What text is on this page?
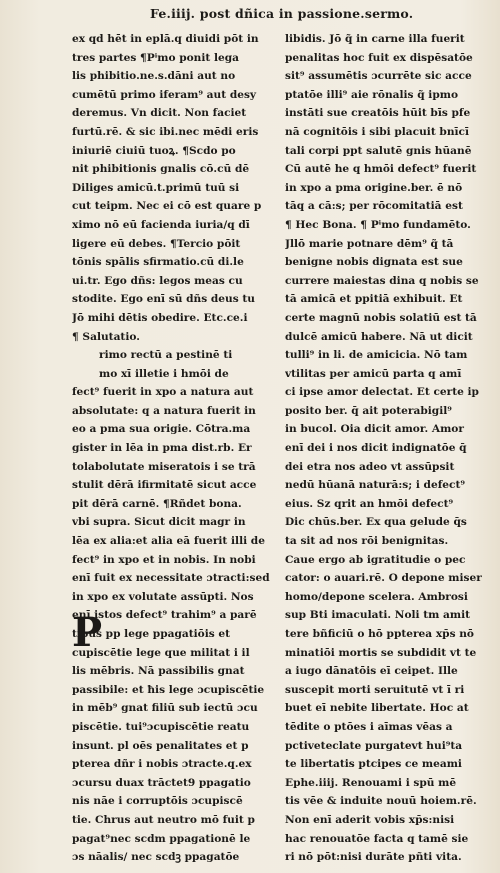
Fe.iiij. post dñica in passione.sermo.
ex qd hēt in eplā.q diuidi pōt in
tres partes ¶Pⁱmo ponit lega
lis phibitio.ne.s.dāni aut no
cumētū primo iferam⁹ aut desy
deremus. Vn dicit. Non faciet
furtū.rē. & sic ibi.nec mēdi eris
iniuriē ciuiū tuoꝝ. ¶Scdo po
nit phibitionis gnalis cō.cū dē
Diliges amicū.t.primū tuū si
cut teipm. Nec ei cō est quare p
ximo nō eū facienda iuria/q dī
ligere eū debes. ¶Tercio pōit
tōnis spālis sfirmatio.cū di.le
ui.tr. Ego dñs: legos meas cu
stodite. Ego enī sū dñs deus tu
Jō mihi dētis obedire. Etc.ce.i
¶ Salutatio.
rimo rectū a pestinē ti
mo xī illetie i hmōi de
fect⁹ fuerit in xpo a natura aut
absolutate: q a natura fuerit in
eo a pma sua origie. Cōtra.ma
gister in lēa in pma dist.rb. Er
tolabolutate miseratois i se trā
stulit dērā ifirmitatē sicut acce
pit dērā carnē. ¶Rñdet bona.
vbi supra. Sicut dicit magr in
lēa ex alia:et alia eā fuerit illi de
fect⁹ in xpo et in nobis. In nobi
enī fuit ex necessitate ɔtracti:sed
in xpo ex volutate assūpti. Nos
enī istos defect⁹ trahim⁹ a parē
tibus pp lege ppagatiōis et
cupiscētie lege que militat i il
lis mēbris. Nā passibilis gnat
passibile: et ħis lege ɔcupiscētie
in mēb⁹ gnat filiū sub iectū ɔcu
piscētie. tui⁹ɔcupiscētie reatu
insunt. pl oēs penalitates et p
pterea dñr i nobis ɔtracte.q.ex
ɔcursu duax trāctet9 ppagatio
nis nāe i corruptōis ɔcupiscē
tie. Chrus aut neutro mō fuit p
pagat⁹nec scdm ppagationē le
ɔs nāalis/ nec scdꝫ ppagatōe
libidis. Jō q̃ in carne illa fuerit
penalitas hoc fuit ex dispēsatōe
sit⁹ assumētis ɔcurrēte sic acce
ptatōe illi⁹ aie rōnalis q̃ ipmo
instāti sue creatōis hūit bīs pfe
nā cognitōis i sibi placuit bnīcī
tali corpi ppt salutē gnis hūanē
Cū autē he q hmōi defect⁹ fuerit
in xpo a pma origine.ber. ē nō
tāq a cā:s; per rōcomitatiā est
¶ Hec Bona. ¶ Pⁱmo fundamēto.
Jllō marie potnare dēm⁹ q̃ tā
benigne nobis dignata est sue
currere maiestas dina q nobis se
tā amicā et ppitiā exhibuit. Et
certe magnū nobis solatiū est tā
dulcē amicū habere. Nā ut dicit
tulli⁹ in li. de amicicia. Nō tam
vtilitas per amicū parta q amī
ci ipse amor delectat. Et certe ip
posito ber. q̄ ait poterabigil⁹
in bucol. Oia dicit amor. Amor
enī dei i nos dicit indignatōe q̄
dei etra nos adeo vt assūpsit
nedū hūanā naturā:s; i defect⁹
eius. Sz qrit an hmōi defect⁹
Dic chūs.ber. Ex qua gelude q̄s
ta sit ad nos rōi benignitas.
Caue ergo ab igratitudie o pec
cator: o auari.rē. O depone miser
homo/depone scelera. Ambrosi
sup Bti imaculati. Noli tm amit
tere bñficiū o hō ppterea xp̄s nō
minatiōi mortis se subdidit vt te
a iugo dānatōis eī ceipet. Ille
suscepit morti seruitutē vt ī ri
buet eī nebite libertate. Hoc at
tēdite o ptōes i aīmas vēas a
pctiveteclate purgatevt hui⁹ta
te libertatis ptcipes ce meami
Ephe.iiij. Renouami i spū mē
tis vēe & induite nouū hoiem.rē.
Non enī aderit vobis xp̄s:nisi
hac renouatōe facta q tamē sie
ri nō pōt:nisi durāte pñti vita.
P
